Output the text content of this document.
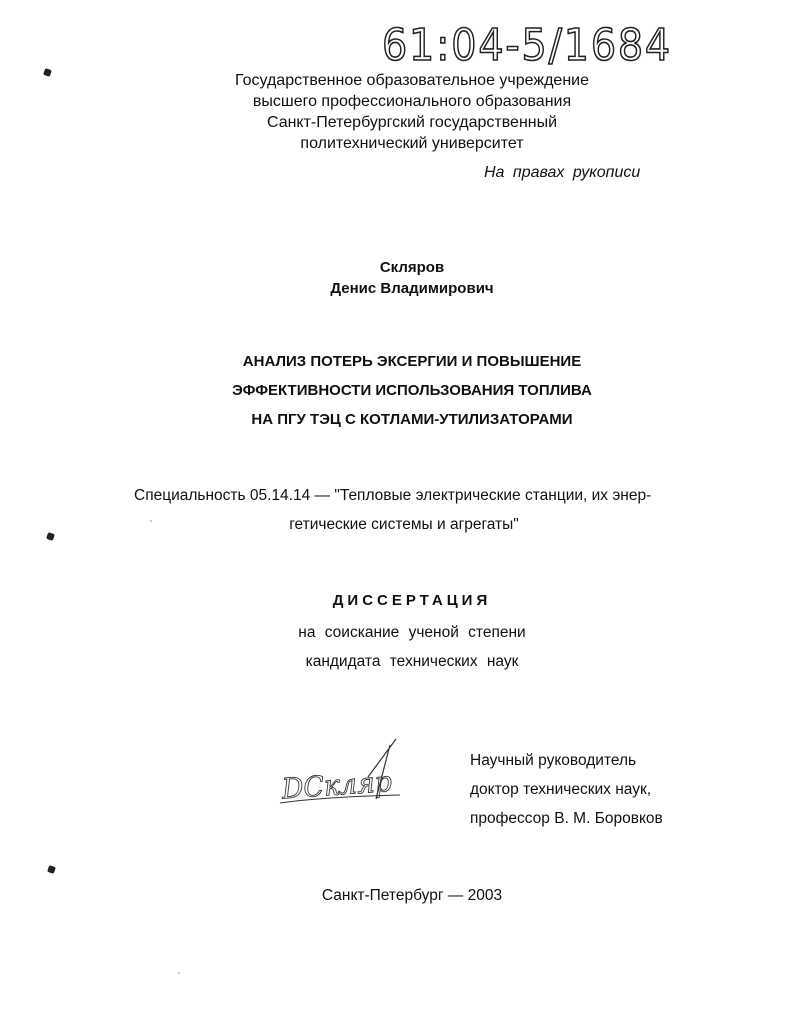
61:04-5/1684
Государственное образовательное учреждение
высшего профессионального образования
Санкт-Петербургский государственный
политехнический университет
На правах рукописи
Скляров
Денис Владимирович
АНАЛИЗ ПОТЕРЬ ЭКСЕРГИИ И ПОВЫШЕНИЕ
ЭФФЕКТИВНОСТИ ИСПОЛЬЗОВАНИЯ ТОПЛИВА
НА ПГУ ТЭЦ С КОТЛАМИ-УТИЛИЗАТОРАМИ
Специальность 05.14.14 — "Тепловые электрические станции, их энер-
гетические системы и агрегаты"
ДИССЕРТАЦИЯ
на соискание ученой степени
кандидата технических наук
DСкляр
Научный руководитель
доктор технических наук,
профессор В. М. Боровков
Санкт-Петербург — 2003
